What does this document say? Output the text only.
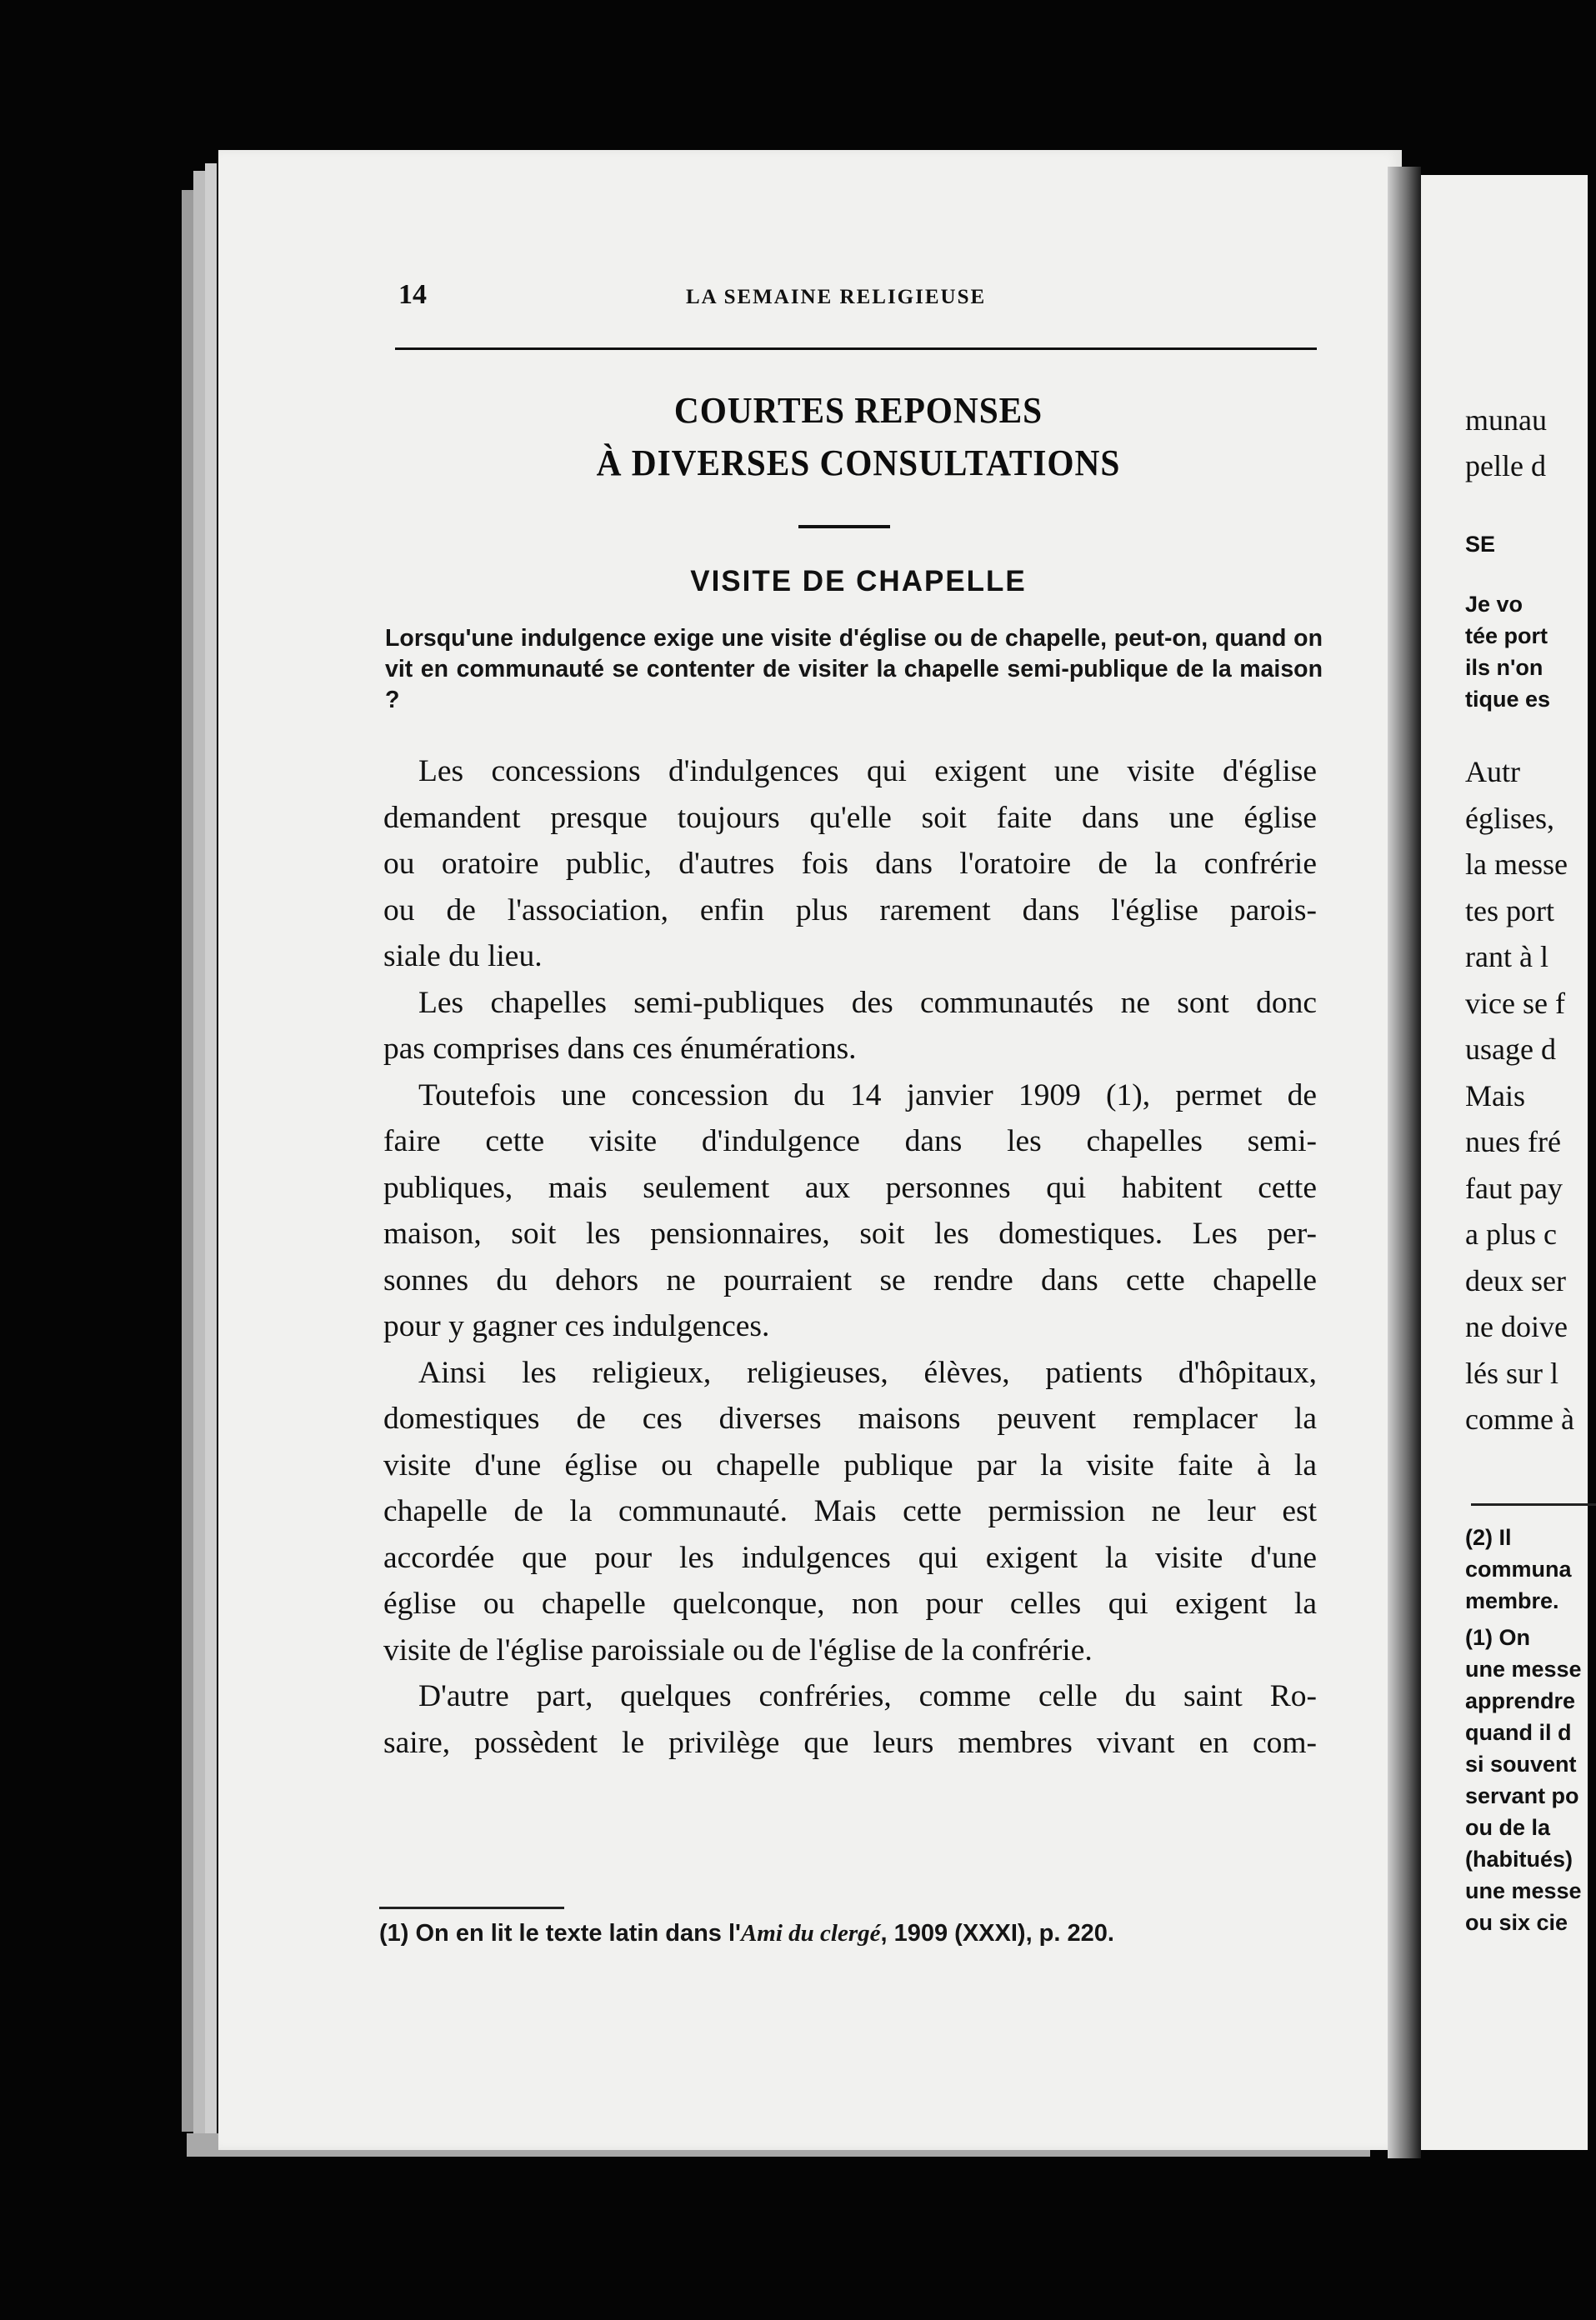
14	LA SEMAINE RELIGIEUSE
COURTES REPONSES
À DIVERSES CONSULTATIONS
VISITE DE CHAPELLE
Lorsqu'une indulgence exige une visite d'église ou de chapelle, peut-on, quand on vit en communauté se contenter de visiter la chapelle semi-publique de la maison ?

Les concessions d'indulgences qui exigent une visite d'église
demandent presque toujours qu'elle soit faite dans une église
ou oratoire public, d'autres fois dans l'oratoire de la confrérie
ou de l'association, enfin plus rarement dans l'église parois-
siale du lieu.

Les chapelles semi-publiques des communautés ne sont donc
pas comprises dans ces énumérations.

Toutefois une concession du 14 janvier 1909 (1), permet de
faire cette visite d'indulgence dans les chapelles semi-
publiques, mais seulement aux personnes qui habitent cette
maison, soit les pensionnaires, soit les domestiques. Les per-
sonnes du dehors ne pourraient se rendre dans cette chapelle
pour y gagner ces indulgences.

Ainsi les religieux, religieuses, élèves, patients d'hôpitaux,
domestiques de ces diverses maisons peuvent remplacer la
visite d'une église ou chapelle publique par la visite faite à la
chapelle de la communauté. Mais cette permission ne leur est
accordée que pour les indulgences qui exigent la visite d'une
église ou chapelle quelconque, non pour celles qui exigent la
visite de l'église paroissiale ou de l'église de la confrérie.

D'autre part, quelques confréries, comme celle du saint Ro-
saire, possèdent le privilège que leurs membres vivant en com-

(1) On en lit le texte latin dans l'Ami du clergé, 1909 (XXXI), p. 220.
munau
pelle d
SE
Je vo
tée port
ils n'on
tique es
Autr
églises,
la messe
tes port
rant à l
vice se f
usage d
Mais
nues fré
faut pay
a plus c
deux ser
ne doive
lés sur l
comme à
(2) Il
communa
membre.
(1) On
une messe
apprendre
quand il d
si souvent
servant po
ou de la
(habitués)
une messe
ou six cie
